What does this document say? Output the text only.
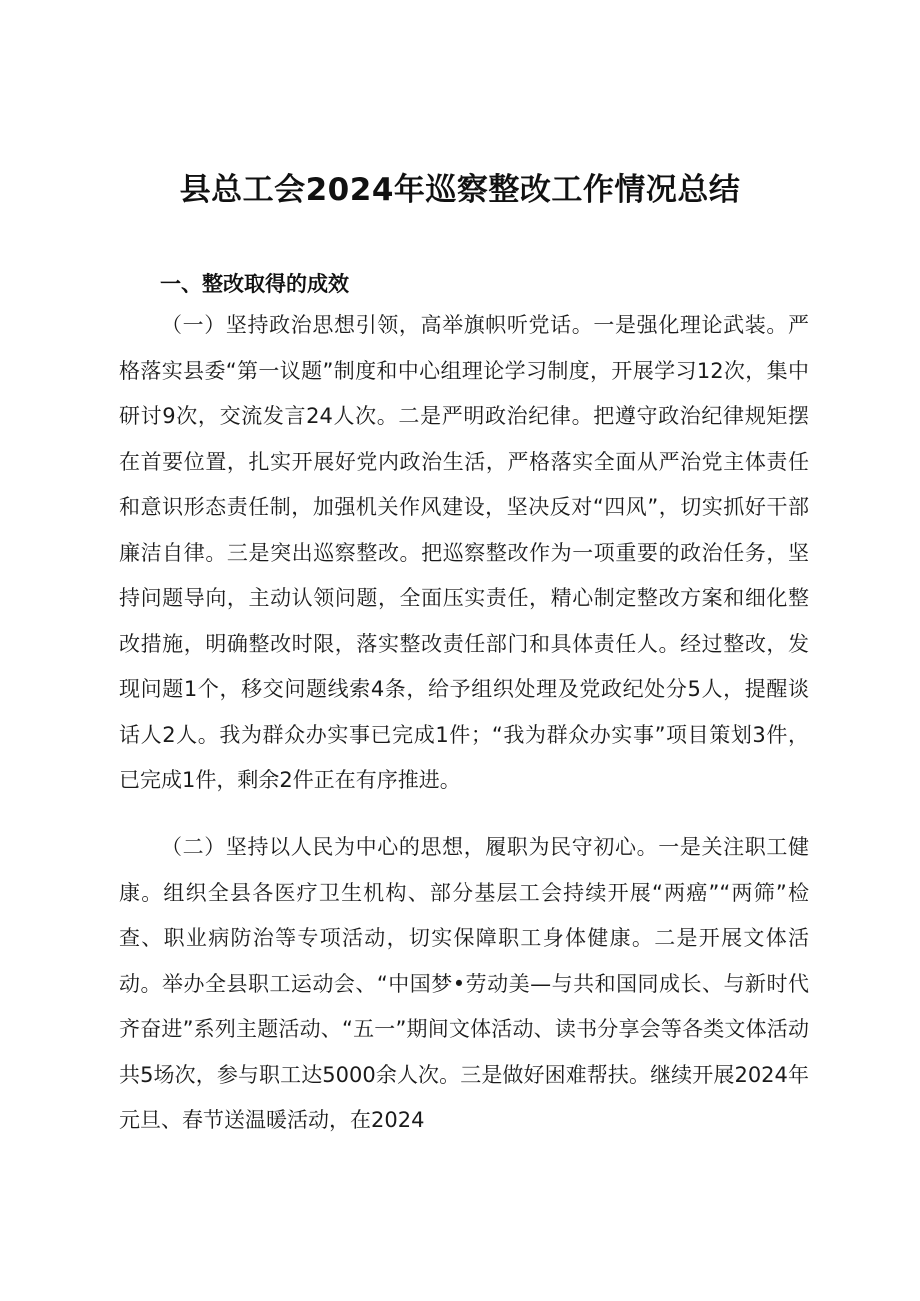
县总工会2024年巡察整改工作情况总结
一、整改取得的成效

（一）坚持政治思想引领，高举旗帜听党话。一是强化理论武装。严格落实县委“第一议题”制度和中心组理论学习制度，开展学习12次，集中研讨9次，交流发言24人次。二是严明政治纪律。把遵守政治纪律规矩摆在首要位置，扎实开展好党内政治生活，严格落实全面从严治党主体责任和意识形态责任制，加强机关作风建设，坚决反对“四风”，切实抓好干部廉洁自律。三是突出巡察整改。把巡察整改作为一项重要的政治任务，坚持问题导向，主动认领问题，全面压实责任，精心制定整改方案和细化整改措施，明确整改时限，落实整改责任部门和具体责任人。经过整改，发现问题1个，移交问题线索4条，给予组织处理及党政纪处分5人，提醒谈话人2人。我为群众办实事已完成1件；“我为群众办实事”项目策划3件，已完成1件，剩余2件正在有序推进。

（二）坚持以人民为中心的思想，履职为民守初心。一是关注职工健康。组织全县各医疗卫生机构、部分基层工会持续开展“两癌”“两筛”检查、职业病防治等专项活动，切实保障职工身体健康。二是开展文体活动。举办全县职工运动会、“中国梦•劳动美—与共和国同成长、与新时代齐奋进”系列主题活动、“五一”期间文体活动、读书分享会等各类文体活动共5场次，参与职工达5000余人次。三是做好困难帮扶。继续开展2024年元旦、春节送温暖活动，在2024
